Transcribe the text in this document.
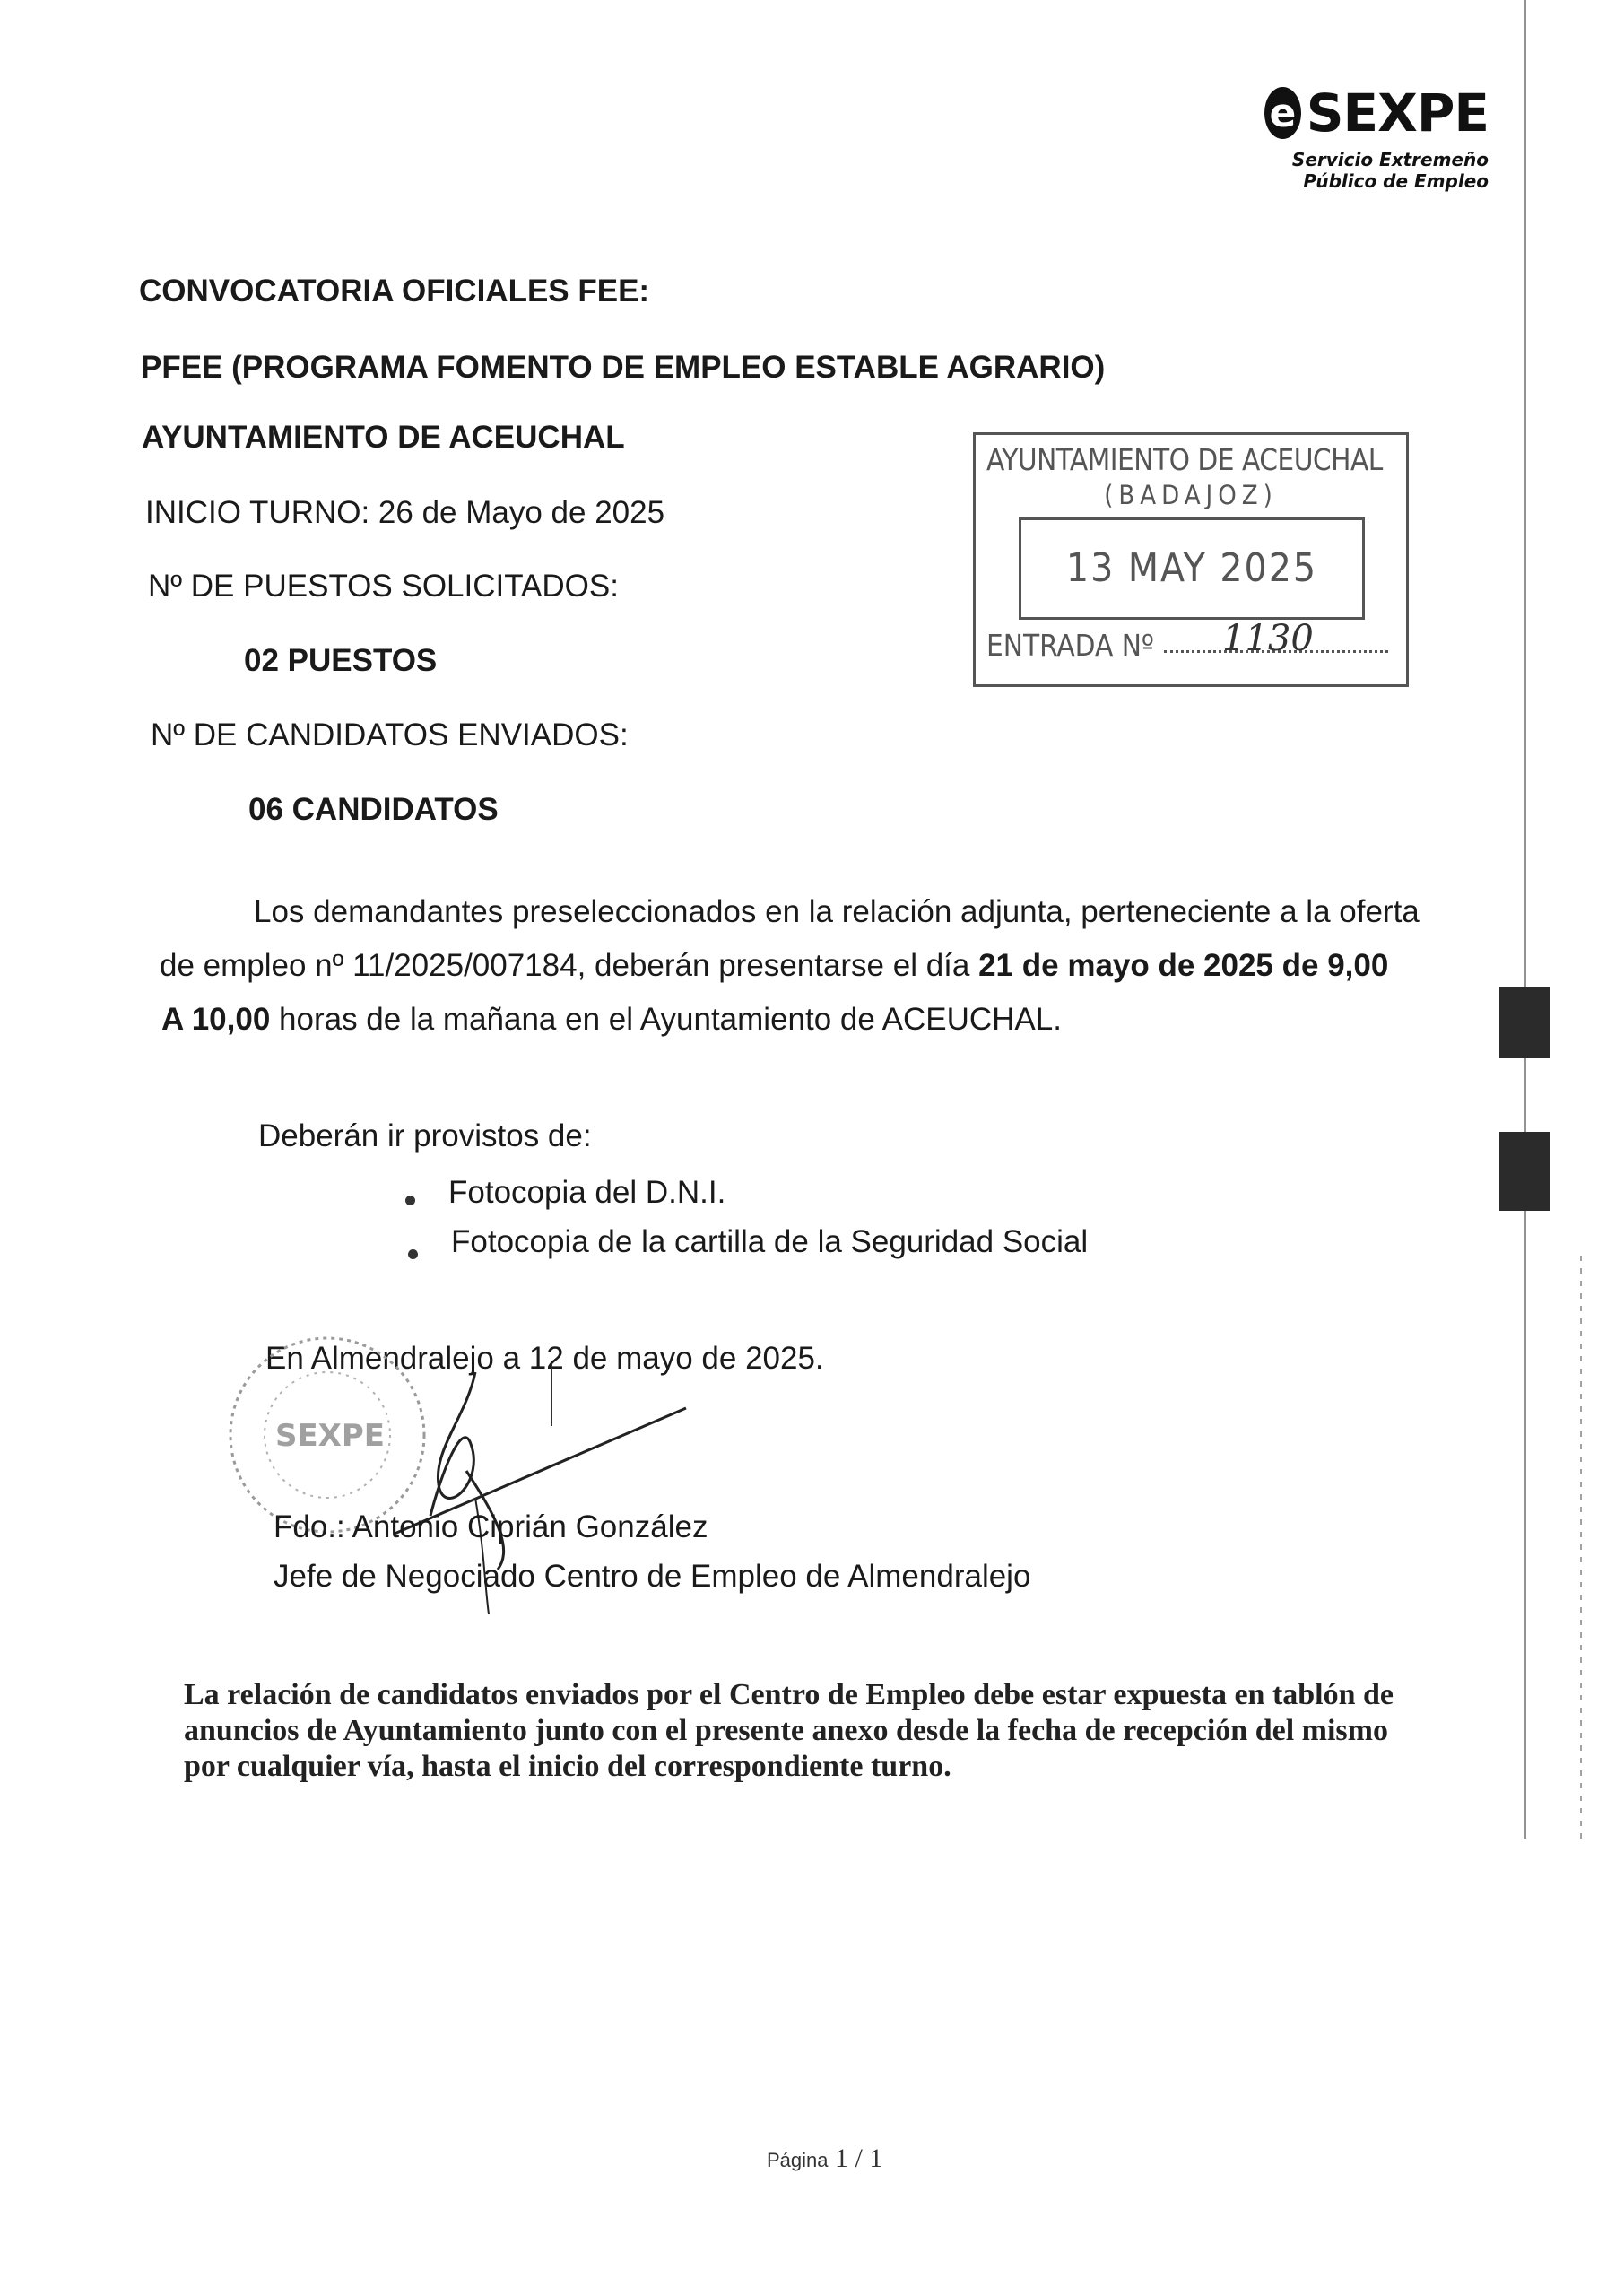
e SEXPE
Servicio Extremeño
Público de Empleo
CONVOCATORIA OFICIALES FEE:
PFEE (PROGRAMA FOMENTO DE EMPLEO ESTABLE AGRARIO)
AYUNTAMIENTO DE ACEUCHAL
INICIO TURNO: 26 de Mayo de 2025
Nº DE PUESTOS SOLICITADOS:
02 PUESTOS
Nº DE CANDIDATOS ENVIADOS:
06 CANDIDATOS
AYUNTAMIENTO DE ACEUCHAL
(BADAJOZ)
13 MAY 2025
ENTRADA Nº 1130
Los demandantes preseleccionados en la relación adjunta, perteneciente a la oferta
de empleo nº 11/2025/007184, deberán presentarse el día 21 de mayo de 2025 de 9,00
A 10,00 horas de la mañana en el Ayuntamiento de ACEUCHAL.
Deberán ir provistos de:
Fotocopia del D.N.I.
Fotocopia de la cartilla de la Seguridad Social
En Almendralejo a 12 de mayo de 2025.
SEXPE
Fdo.: Antonio Ciprián González
Jefe de Negociado Centro de Empleo de Almendralejo
La relación de candidatos enviados por el Centro de Empleo debe estar expuesta en tablón de
anuncios de Ayuntamiento junto con el presente anexo desde la fecha de recepción del mismo
por cualquier vía, hasta el inicio del correspondiente turno.
Página 1 / 1
